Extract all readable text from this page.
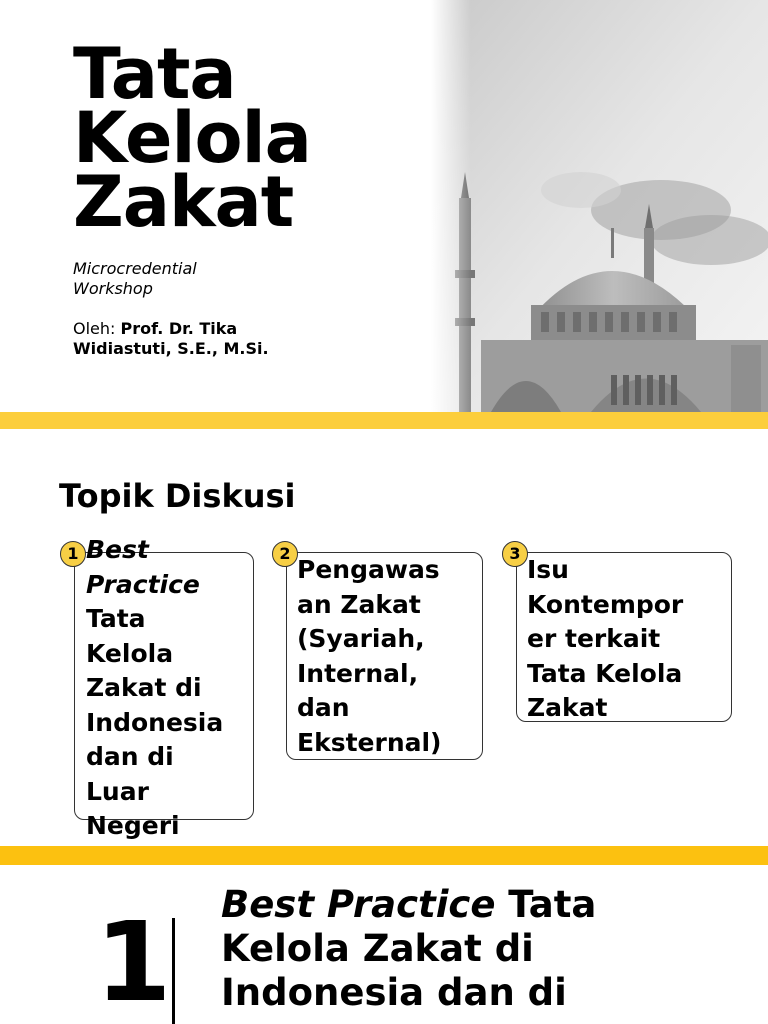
Tata
Kelola
Zakat
Microcredential
Workshop
Oleh: Prof. Dr. Tika
Widiastuti, S.E., M.Si.
Topik Diskusi
Best
Practice
Tata
Kelola
Zakat di
Indonesia
dan di
Luar
Negeri
1
Pengawas
an Zakat
(Syariah,
Internal,
dan
Eksternal)
2
Isu
Kontempor
er terkait
Tata Kelola
Zakat
3
1 Best Practice Tata
Kelola Zakat di
Indonesia dan di
